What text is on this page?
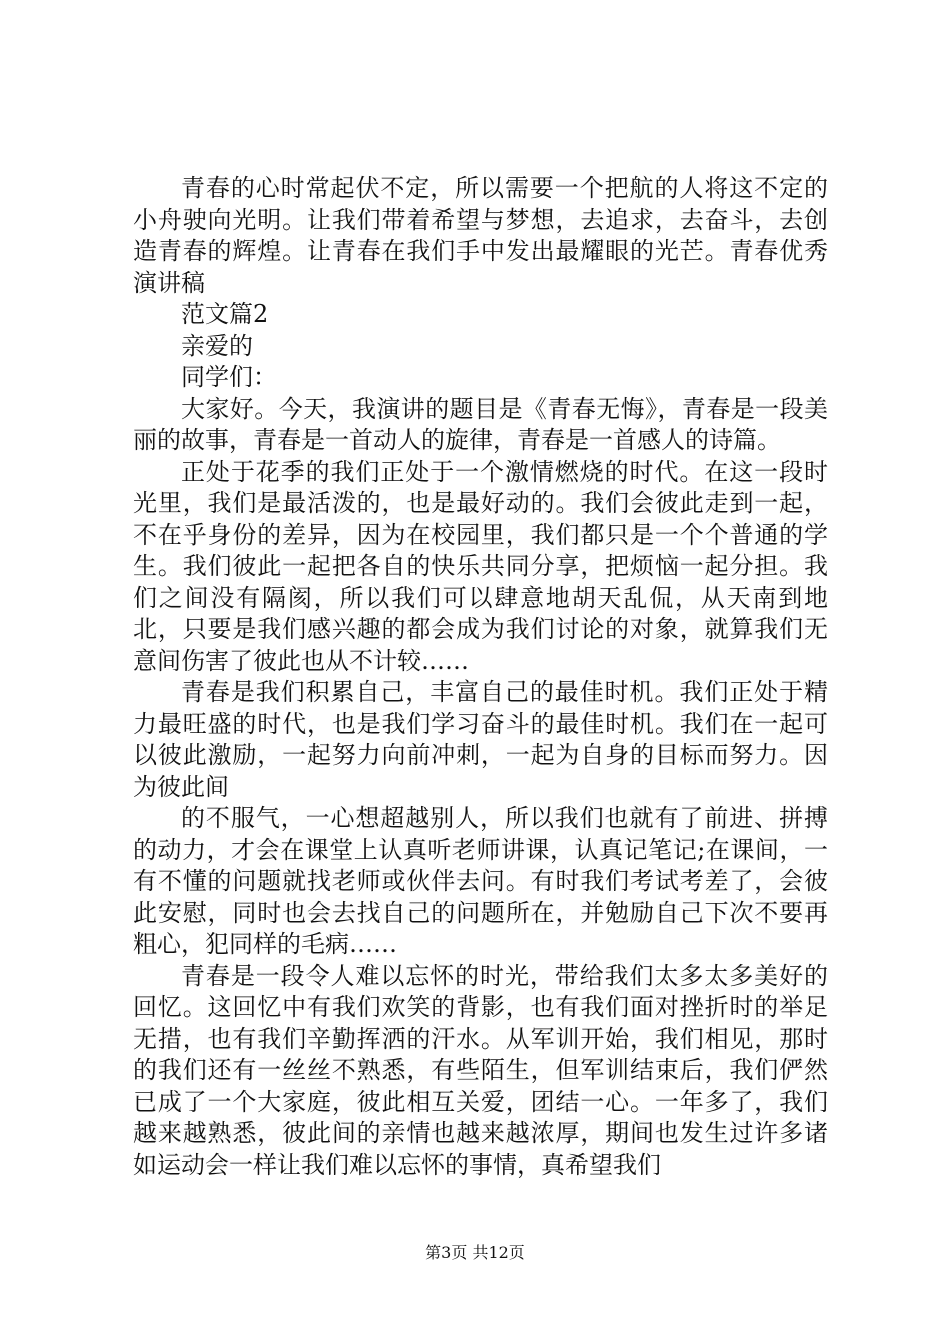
青春的心时常起伏不定，所以需要一个把航的人将这不定的小舟驶向光明。让我们带着希望与梦想，去追求，去奋斗，去创造青春的辉煌。让青春在我们手中发出最耀眼的光芒。青春优秀演讲稿

范文篇2

亲爱的

同学们：

大家好。今天，我演讲的题目是《青春无悔》，青春是一段美丽的故事，青春是一首动人的旋律，青春是一首感人的诗篇。

正处于花季的我们正处于一个激情燃烧的时代。在这一段时光里，我们是最活泼的，也是最好动的。我们会彼此走到一起，不在乎身份的差异，因为在校园里，我们都只是一个个普通的学生。我们彼此一起把各自的快乐共同分享，把烦恼一起分担。我们之间没有隔阂，所以我们可以肆意地胡天乱侃，从天南到地北，只要是我们感兴趣的都会成为我们讨论的对象，就算我们无意间伤害了彼此也从不计较……

青春是我们积累自己，丰富自己的最佳时机。我们正处于精力最旺盛的时代，也是我们学习奋斗的最佳时机。我们在一起可以彼此激励，一起努力向前冲刺，一起为自身的目标而努力。因为彼此间

的不服气，一心想超越别人，所以我们也就有了前进、拼搏的动力，才会在课堂上认真听老师讲课，认真记笔记;在课间，一有不懂的问题就找老师或伙伴去问。有时我们考试考差了，会彼此安慰，同时也会去找自己的问题所在，并勉励自己下次不要再粗心，犯同样的毛病……

青春是一段令人难以忘怀的时光，带给我们太多太多美好的回忆。这回忆中有我们欢笑的背影，也有我们面对挫折时的举足无措，也有我们辛勤挥洒的汗水。从军训开始，我们相见，那时的我们还有一丝丝不熟悉，有些陌生，但军训结束后，我们俨然已成了一个大家庭，彼此相互关爱，团结一心。一年多了，我们越来越熟悉，彼此间的亲情也越来越浓厚，期间也发生过许多诸如运动会一样让我们难以忘怀的事情，真希望我们

第3页 共12页
